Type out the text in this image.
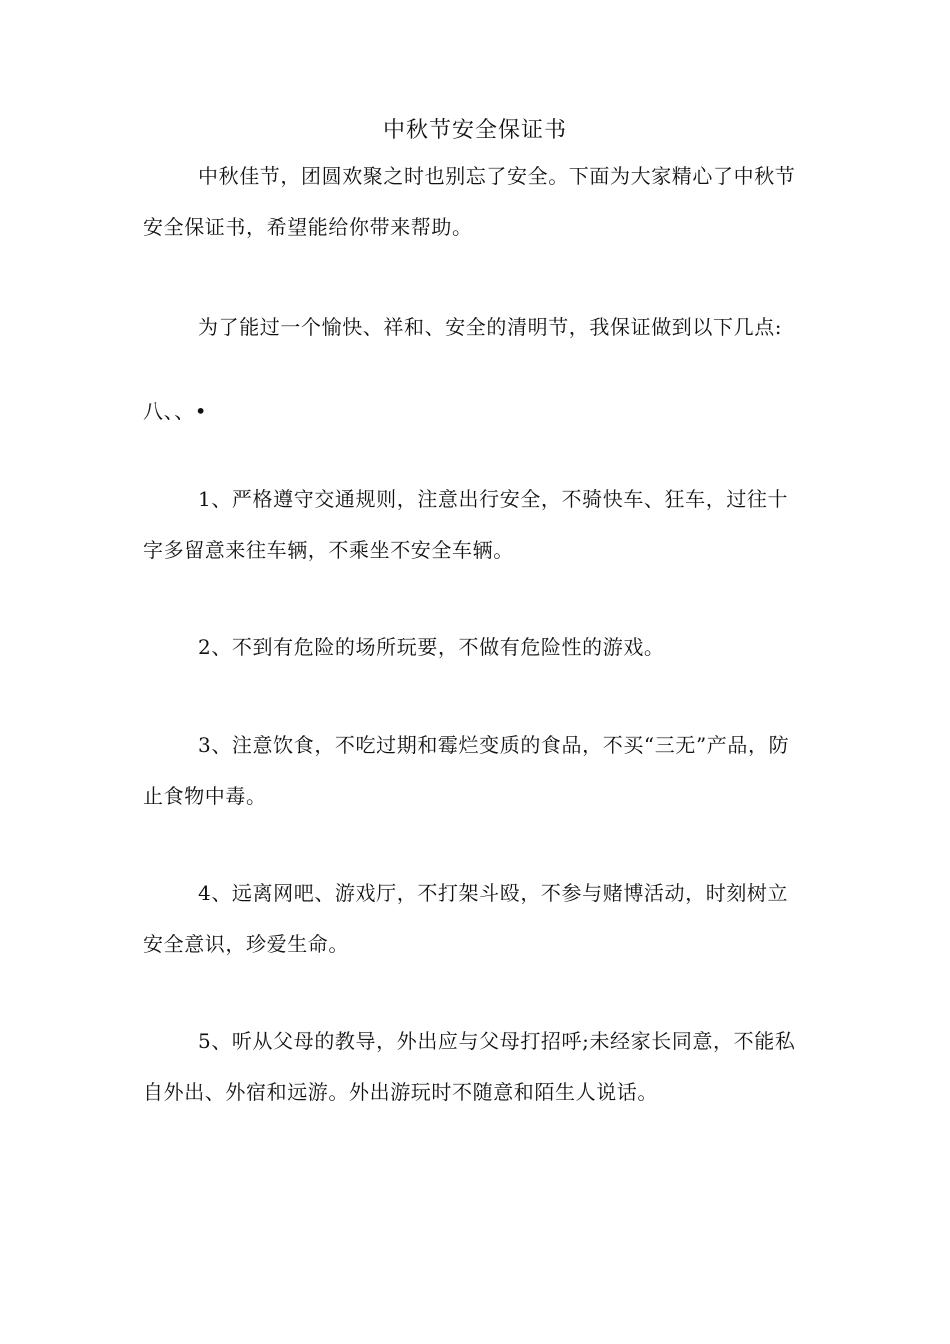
中秋节安全保证书

中秋佳节，团圆欢聚之时也别忘了安全。下面为大家精心了中秋节安全保证书，希望能给你带来帮助。

为了能过一个愉快、祥和、安全的清明节，我保证做到以下几点:

八、、•

1、严格遵守交通规则，注意出行安全，不骑快车、狂车，过往十字多留意来往车辆，不乘坐不安全车辆。

2、不到有危险的场所玩要，不做有危险性的游戏。

3、注意饮食，不吃过期和霉烂变质的食品，不买“三无”产品，防止食物中毒。

4、远离网吧、游戏厅，不打架斗殴，不参与赌博活动，时刻树立安全意识，珍爱生命。

5、听从父母的教导，外出应与父母打招呼;未经家长同意，不能私自外出、外宿和远游。外出游玩时不随意和陌生人说话。
